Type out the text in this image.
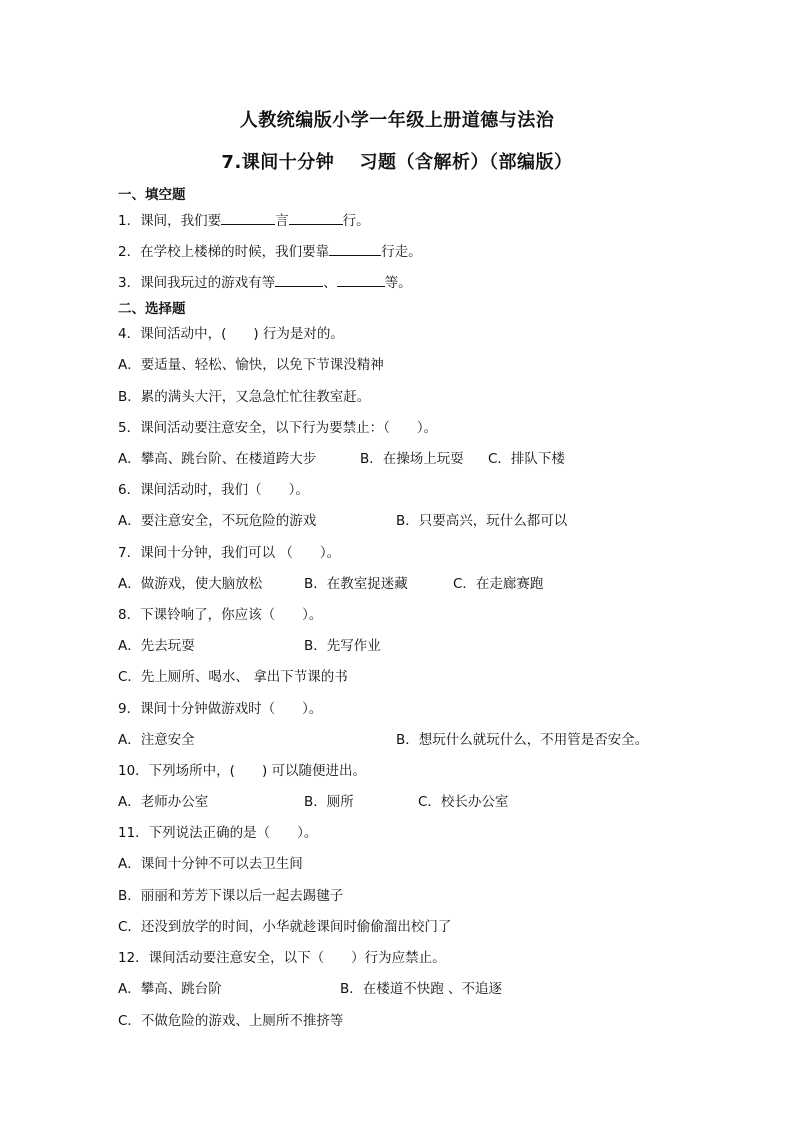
人教统编版小学一年级上册道德与法治
7.课间十分钟　 习题（含解析）（部编版）
一、填空题
1．课间，我们要	言	行。
2．在学校上楼梯的时候，我们要靠	行走。
3．课间我玩过的游戏有等	、	等。
二、选择题
4．课间活动中，(　　) 行为是对的。
A．要适量、轻松、愉快，以免下节课没精神
B．累的满头大汗，又急急忙忙往教室赶。
5．课间活动要注意安全，以下行为要禁止：（　　）。
A．攀高、跳台阶、在楼道跨大步	B．在操场上玩耍 C．排队下楼
6．课间活动时，我们（　　）。
A．要注意安全，不玩危险的游戏	B．只要高兴，玩什么都可以
7．课间十分钟，我们可以 （　　）。
A．做游戏，使大脑放松	B．在教室捉迷藏	C．在走廊赛跑
8．下课铃响了，你应该（　　）。
A．先去玩耍	B．先写作业
C．先上厕所、喝水、 拿出下节课的书
9．课间十分钟做游戏时（　　）。
A．注意安全	B．想玩什么就玩什么，不用管是否安全。
10．下列场所中，(　　) 可以随便进出。
A．老师办公室	B．厕所	C．校长办公室
11．下列说法正确的是（　　）。
A．课间十分钟不可以去卫生间
B．丽丽和芳芳下课以后一起去踢毽子
C．还没到放学的时间，小华就趁课间时偷偷溜出校门了
12．课间活动要注意安全，以下（　　）行为应禁止。
A．攀高、跳台阶	B．在楼道不快跑 、不追逐
C．不做危险的游戏、上厕所不推挤等
